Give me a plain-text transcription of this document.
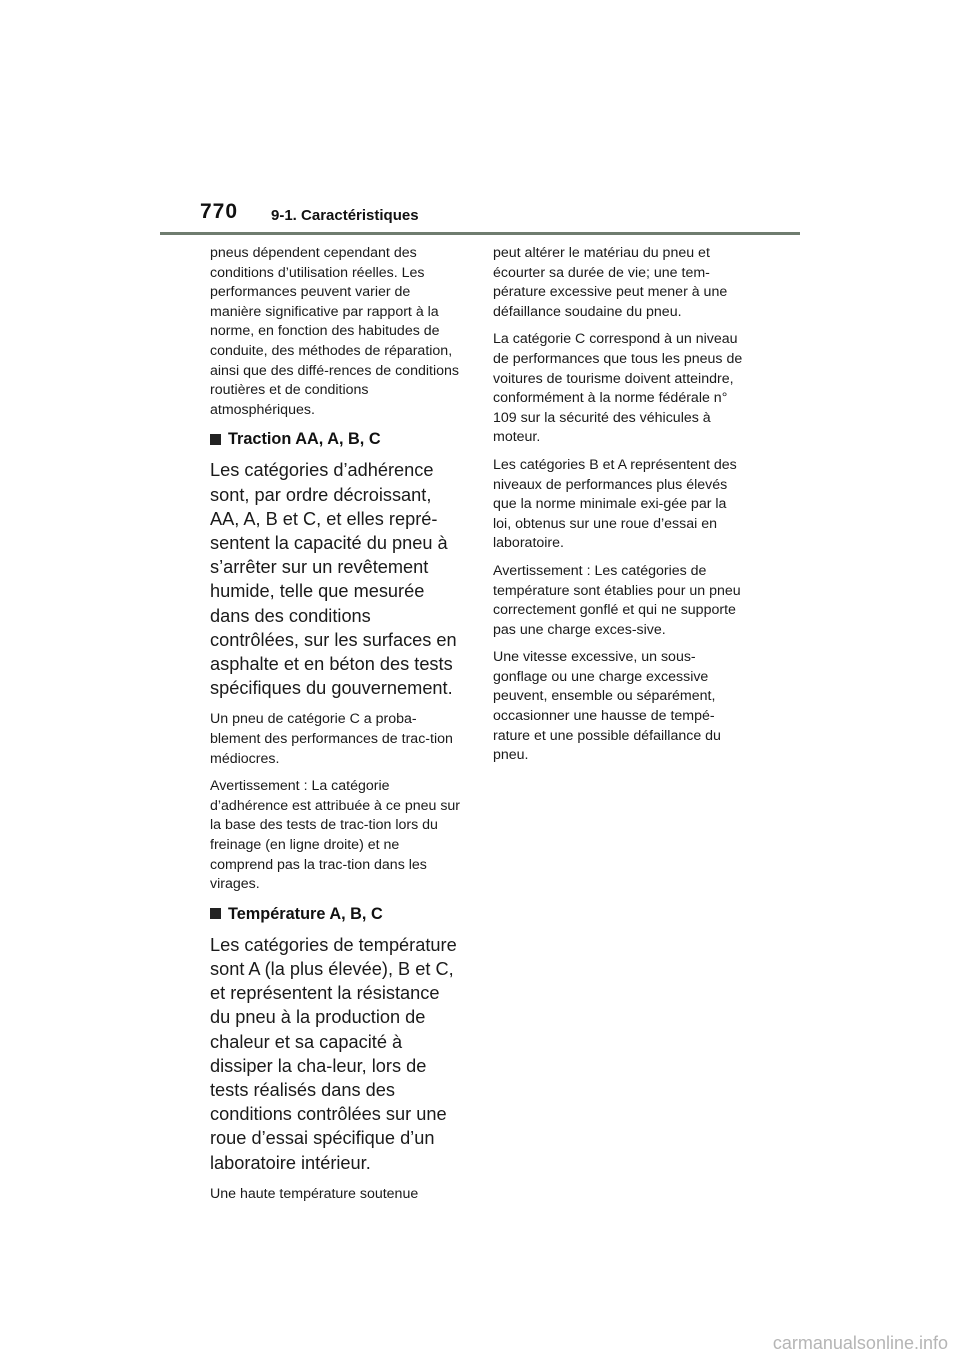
770 9-1. Caractéristiques

pneus dépendent cependant des conditions d’utilisation réelles. Les performances peuvent varier de manière significative par rapport à la norme, en fonction des habitudes de conduite, des méthodes de réparation, ainsi que des diffé-rences de conditions routières et de conditions atmosphériques.

Traction AA, A, B, C

Les catégories d’adhérence sont, par ordre décroissant, AA, A, B et C, et elles repré-sentent la capacité du pneu à s’arrêter sur un revêtement humide, telle que mesurée dans des conditions contrôlées, sur les surfaces en asphalte et en béton des tests spécifiques du gouvernement.

Un pneu de catégorie C a proba-blement des performances de trac-tion médiocres.

Avertissement : La catégorie d’adhérence est attribuée à ce pneu sur la base des tests de trac-tion lors du freinage (en ligne droite) et ne comprend pas la trac-tion dans les virages.

Température A, B, C

Les catégories de température sont A (la plus élevée), B et C, et représentent la résistance du pneu à la production de chaleur et sa capacité à dissiper la cha-leur, lors de tests réalisés dans des conditions contrôlées sur une roue d’essai spécifique d’un laboratoire intérieur.

Une haute température soutenue

peut altérer le matériau du pneu et écourter sa durée de vie; une tem-pérature excessive peut mener à une défaillance soudaine du pneu.

La catégorie C correspond à un niveau de performances que tous les pneus de voitures de tourisme doivent atteindre, conformément à la norme fédérale n° 109 sur la sécurité des véhicules à moteur.

Les catégories B et A représentent des niveaux de performances plus élevés que la norme minimale exi-gée par la loi, obtenus sur une roue d’essai en laboratoire.

Avertissement : Les catégories de température sont établies pour un pneu correctement gonflé et qui ne supporte pas une charge exces-sive.

Une vitesse excessive, un sous-gonflage ou une charge excessive peuvent, ensemble ou séparément, occasionner une hausse de tempé-rature et une possible défaillance du pneu.

carmanualsonline.info
